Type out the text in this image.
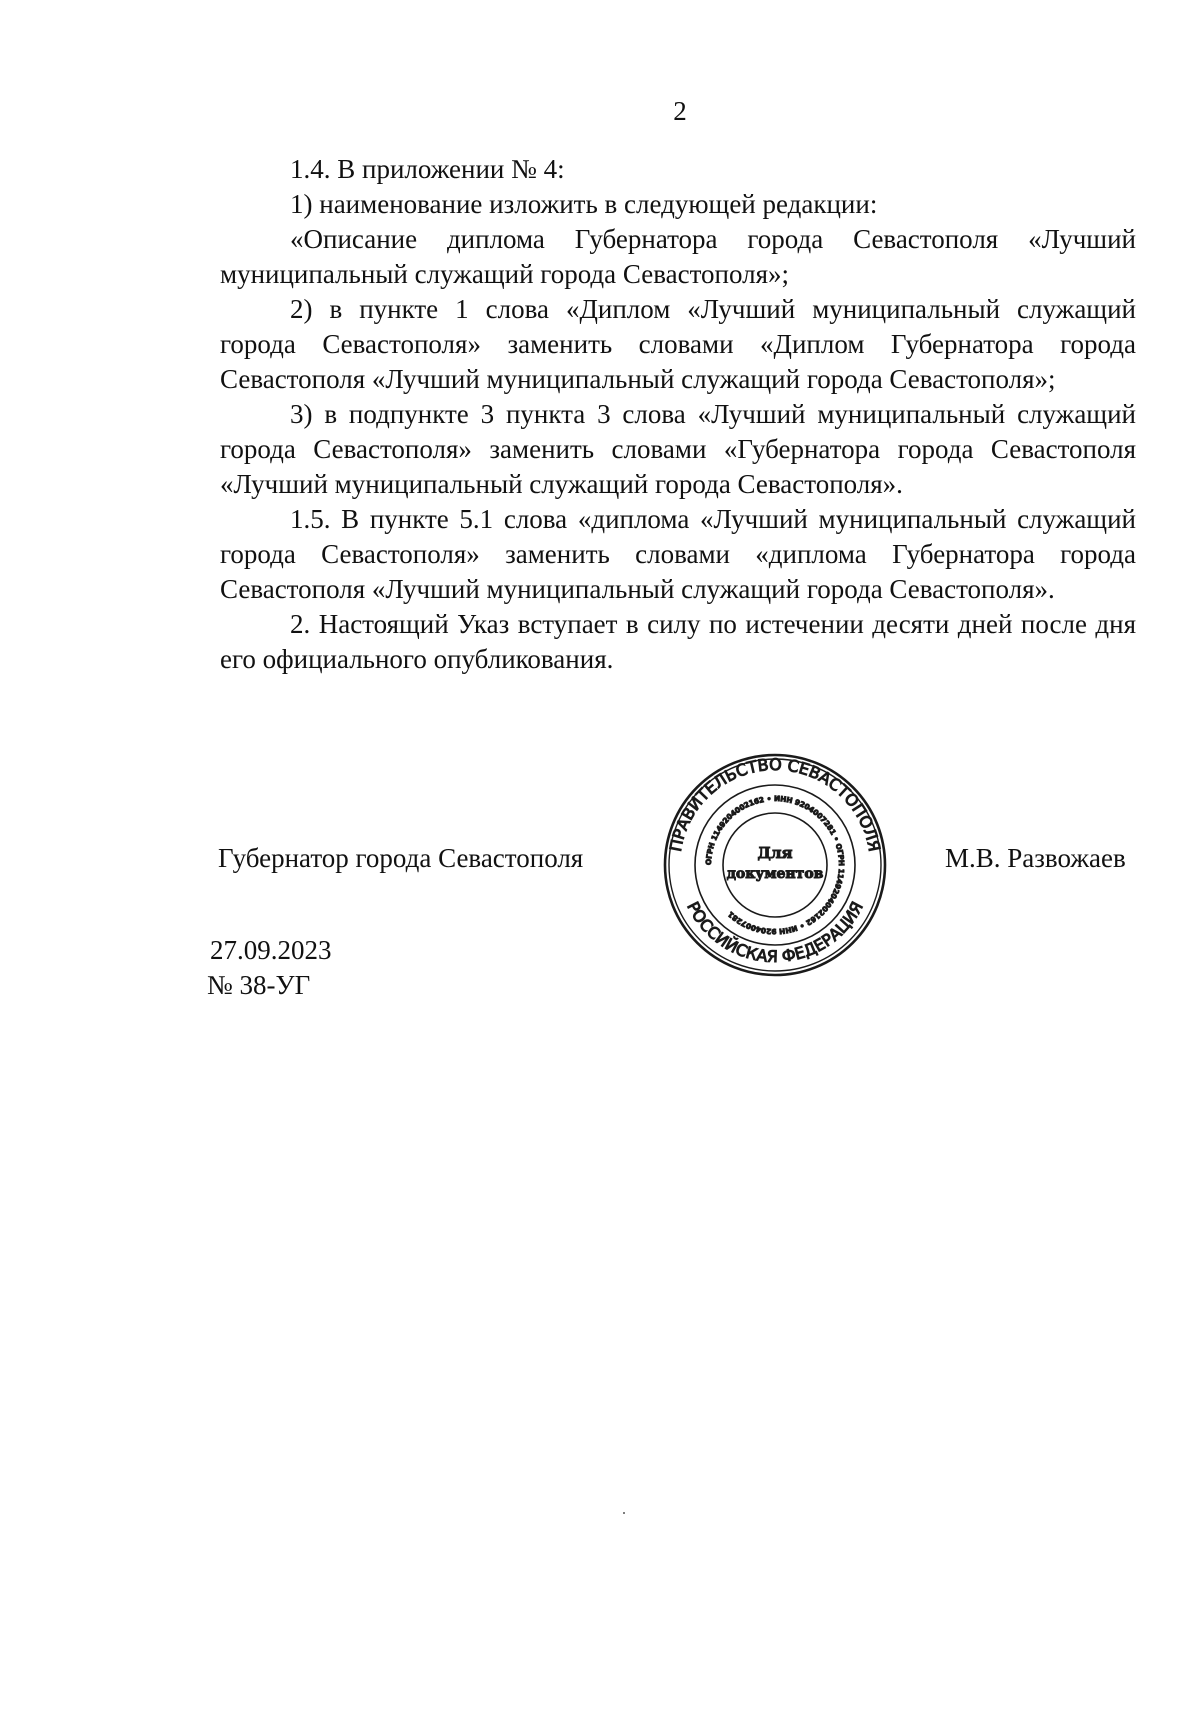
2

1.4. В приложении № 4:

1) наименование изложить в следующей редакции:

«Описание диплома Губернатора города Севастополя «Лучший муниципальный служащий города Севастополя»;

2) в пункте 1 слова «Диплом «Лучший муниципальный служащий города Севастополя» заменить словами «Диплом Губернатора города Севастополя «Лучший муниципальный служащий города Севастополя»;

3) в подпункте 3 пункта 3 слова «Лучший муниципальный служащий города Севастополя» заменить словами «Губернатора города Севастополя «Лучший муниципальный служащий города Севастополя».

1.5. В пункте 5.1 слова «диплома «Лучший муниципальный служащий города Севастополя» заменить словами «диплома Губернатора города Севастополя «Лучший муниципальный служащий города Севастополя».

2. Настоящий Указ вступает в силу по истечении десяти дней после дня его официального опубликования.

Губернатор города Севастополя	ПРАВИТЕЛЬСТВО СЕВАСТОПОЛЯ
РОССИЙСКАЯ ФЕДЕРАЦИЯ
ОГРН 1149204002162 • ИНН 9204007281 • ОГРН 1149204002162 • ИНН 9204007281
Для
документов
М.В. Развожаев
27.09.2023
№ 38-УГ
